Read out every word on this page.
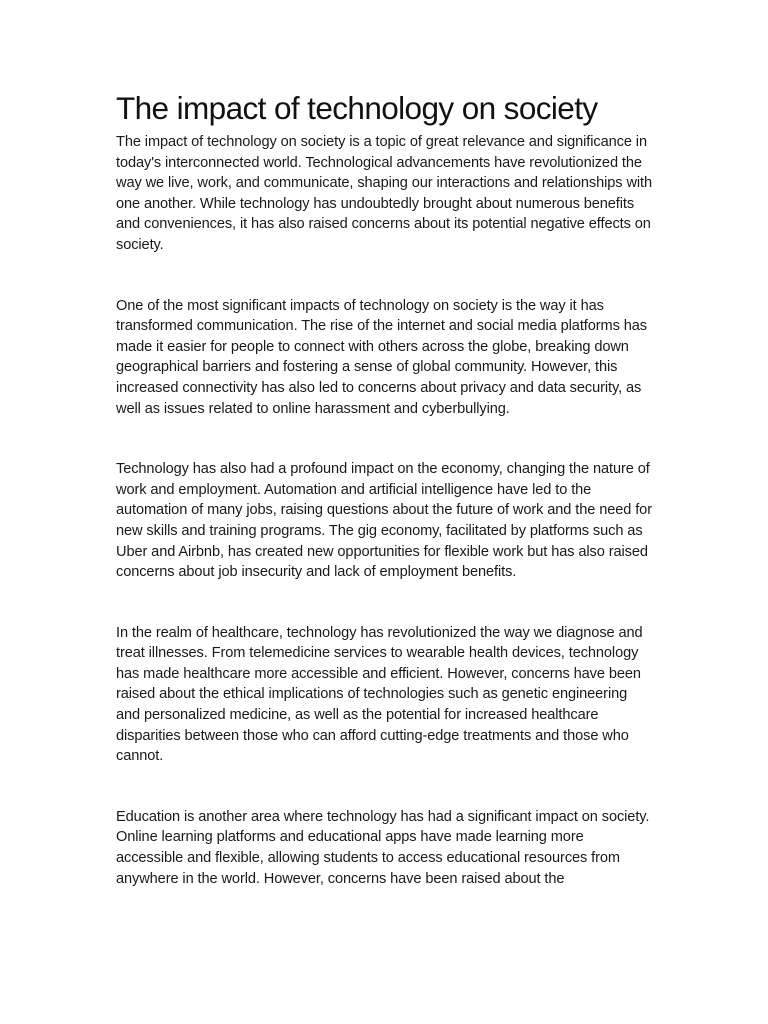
The impact of technology on society

The impact of technology on society is a topic of great relevance and significance in today's interconnected world. Technological advancements have revolutionized the way we live, work, and communicate, shaping our interactions and relationships with one another. While technology has undoubtedly brought about numerous benefits and conveniences, it has also raised concerns about its potential negative effects on society.

One of the most significant impacts of technology on society is the way it has transformed communication. The rise of the internet and social media platforms has made it easier for people to connect with others across the globe, breaking down geographical barriers and fostering a sense of global community. However, this increased connectivity has also led to concerns about privacy and data security, as well as issues related to online harassment and cyberbullying.

Technology has also had a profound impact on the economy, changing the nature of work and employment. Automation and artificial intelligence have led to the automation of many jobs, raising questions about the future of work and the need for new skills and training programs. The gig economy, facilitated by platforms such as Uber and Airbnb, has created new opportunities for flexible work but has also raised concerns about job insecurity and lack of employment benefits.

In the realm of healthcare, technology has revolutionized the way we diagnose and treat illnesses. From telemedicine services to wearable health devices, technology has made healthcare more accessible and efficient. However, concerns have been raised about the ethical implications of technologies such as genetic engineering and personalized medicine, as well as the potential for increased healthcare disparities between those who can afford cutting-edge treatments and those who cannot.

Education is another area where technology has had a significant impact on society. Online learning platforms and educational apps have made learning more accessible and flexible, allowing students to access educational resources from anywhere in the world. However, concerns have been raised about the
